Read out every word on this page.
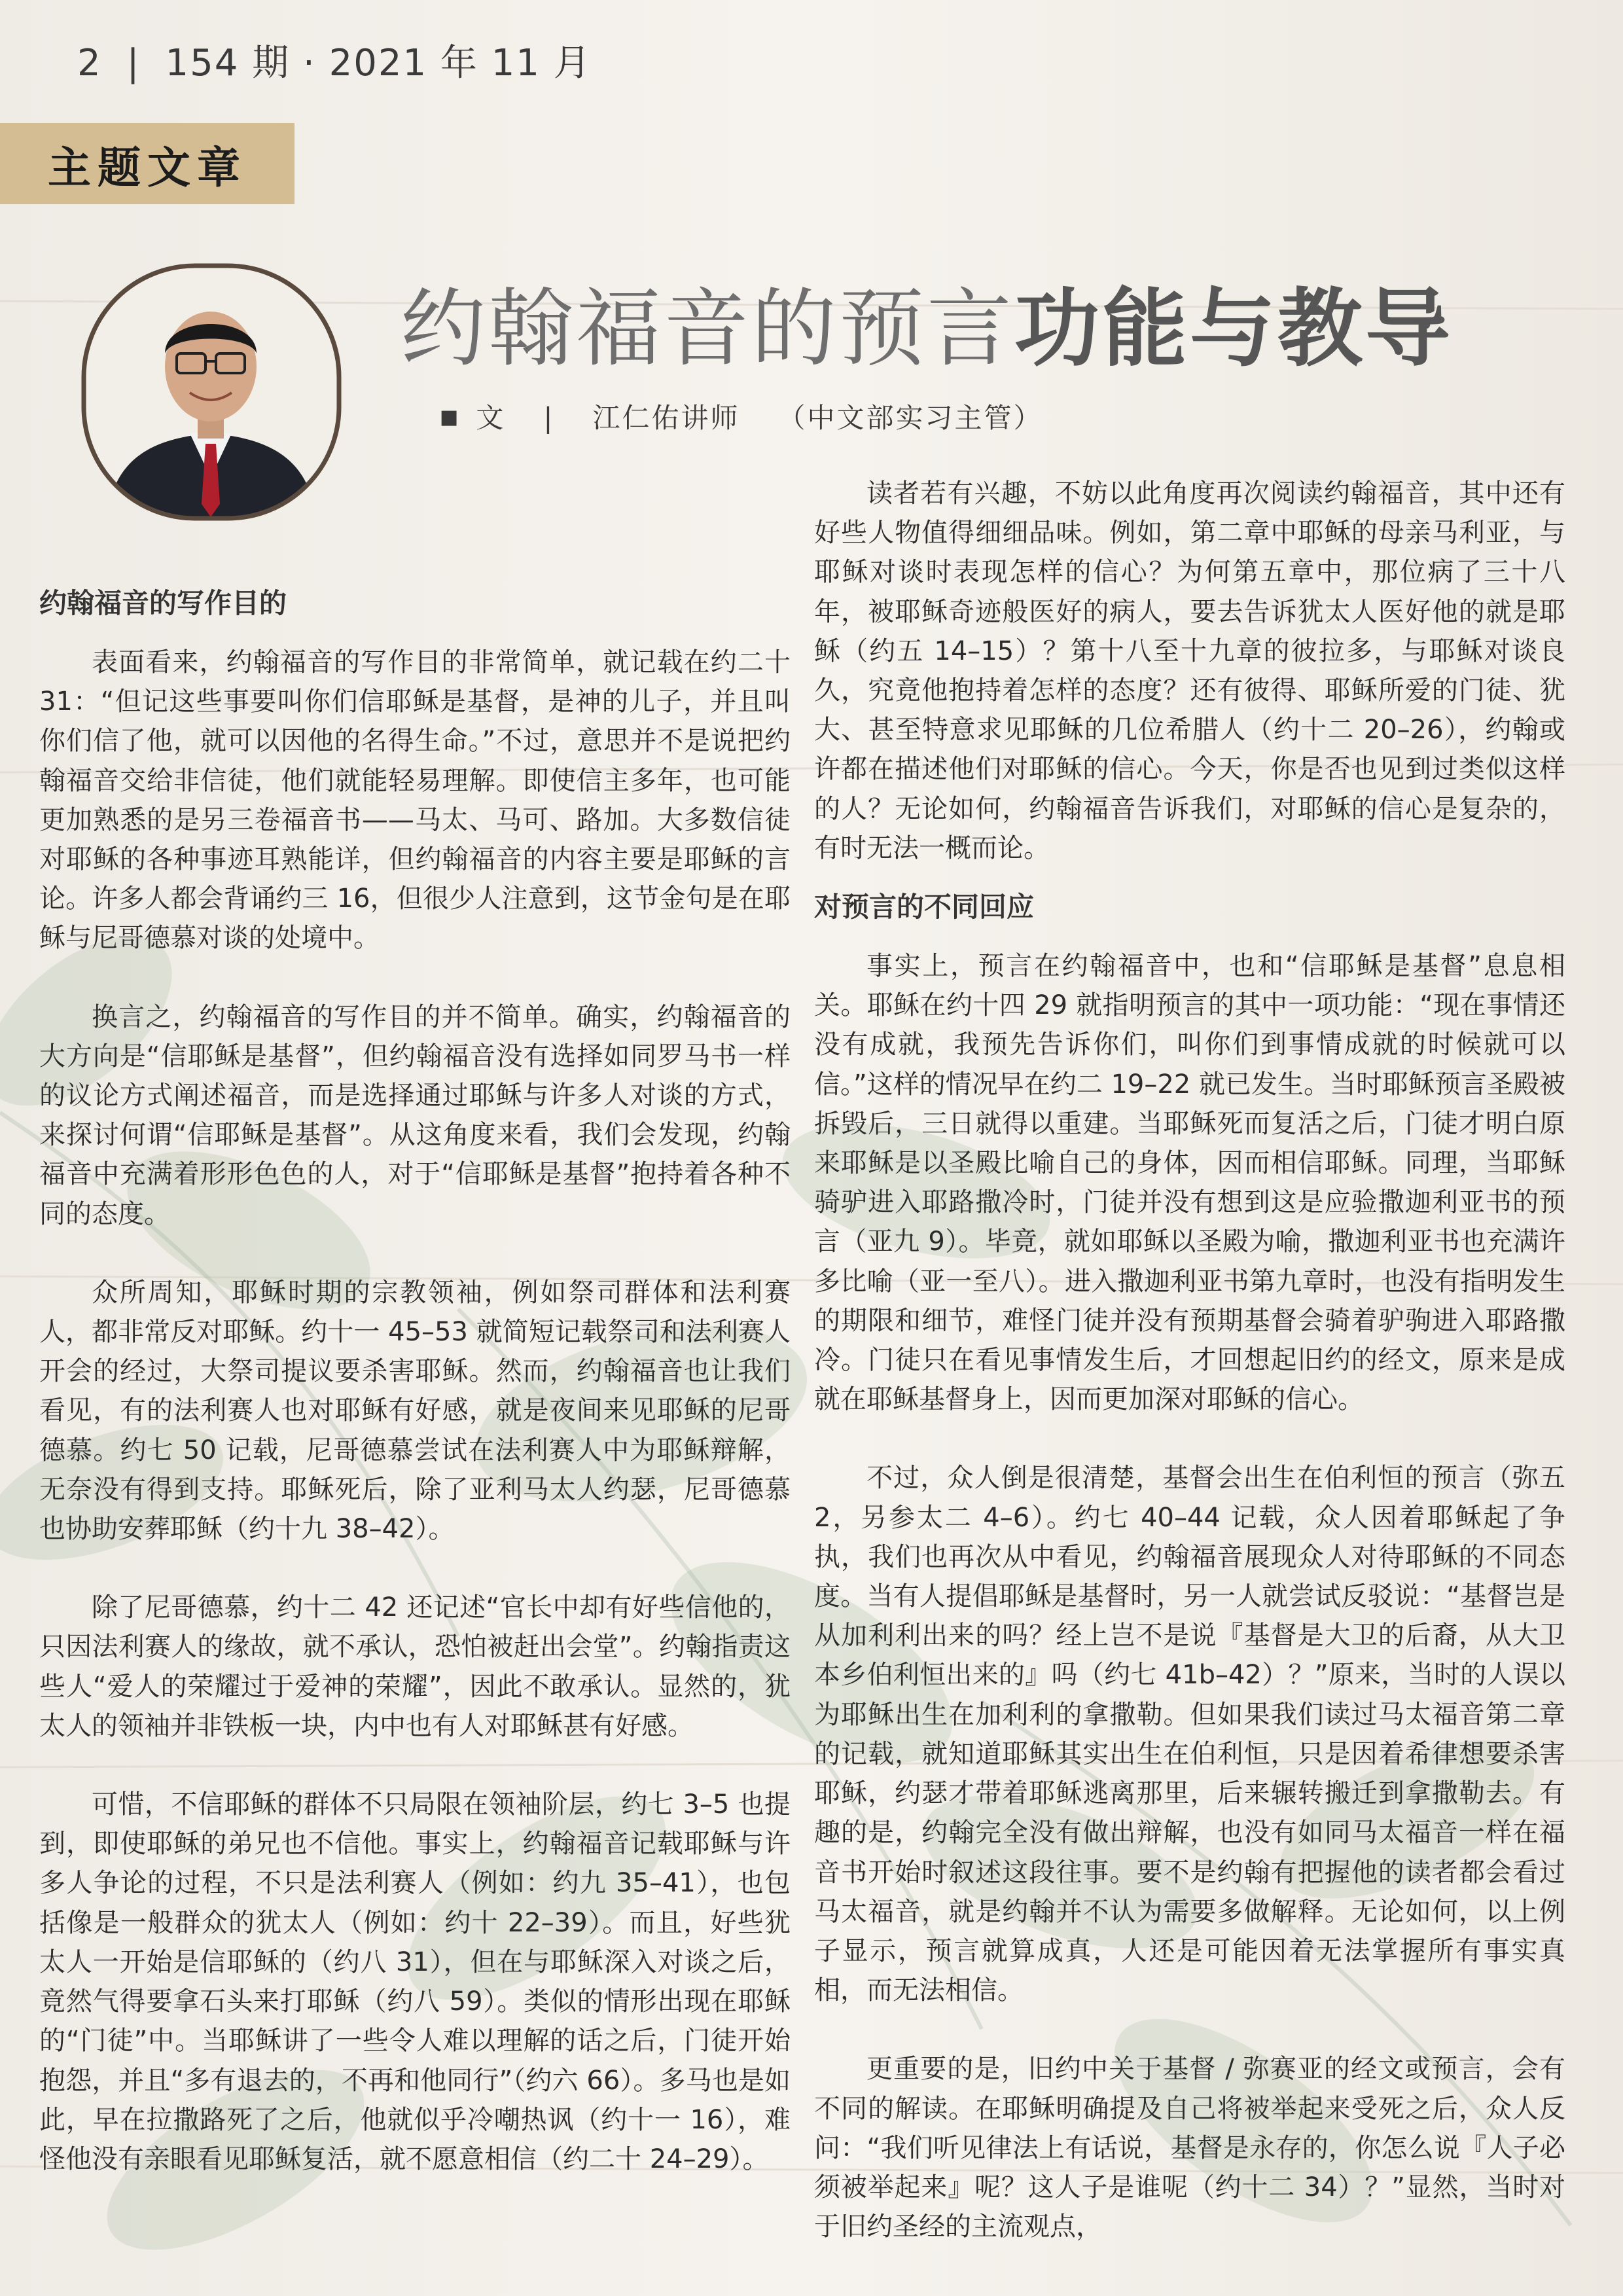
2 | 154 期 · 2021 年 11 月
主题文章
约翰福音的预言功能与教导
■ 文 | 江仁佑讲师 （中文部实习主管）
约翰福音的写作目的

表面看来，约翰福音的写作目的非常简单，就记载在约二十 31：“但记这些事要叫你们信耶稣是基督，是神的儿子，并且叫你们信了他，就可以因他的名得生命。”不过，意思并不是说把约翰福音交给非信徒，他们就能轻易理解。即使信主多年，也可能更加熟悉的是另三卷福音书——马太、马可、路加。大多数信徒对耶稣的各种事迹耳熟能详，但约翰福音的内容主要是耶稣的言论。许多人都会背诵约三 16，但很少人注意到，这节金句是在耶稣与尼哥德慕对谈的处境中。

换言之，约翰福音的写作目的并不简单。确实，约翰福音的大方向是“信耶稣是基督”，但约翰福音没有选择如同罗马书一样的议论方式阐述福音，而是选择通过耶稣与许多人对谈的方式，来探讨何谓“信耶稣是基督”。从这角度来看，我们会发现，约翰福音中充满着形形色色的人，对于“信耶稣是基督”抱持着各种不同的态度。

众所周知，耶稣时期的宗教领袖，例如祭司群体和法利赛人，都非常反对耶稣。约十一 45–53 就简短记载祭司和法利赛人开会的经过，大祭司提议要杀害耶稣。然而，约翰福音也让我们看见，有的法利赛人也对耶稣有好感，就是夜间来见耶稣的尼哥德慕。约七 50 记载，尼哥德慕尝试在法利赛人中为耶稣辩解，无奈没有得到支持。耶稣死后，除了亚利马太人约瑟，尼哥德慕也协助安葬耶稣（约十九 38–42）。

除了尼哥德慕，约十二 42 还记述“官长中却有好些信他的，只因法利赛人的缘故，就不承认，恐怕被赶出会堂”。约翰指责这些人“爱人的荣耀过于爱神的荣耀”，因此不敢承认。显然的，犹太人的领袖并非铁板一块，内中也有人对耶稣甚有好感。

可惜，不信耶稣的群体不只局限在领袖阶层，约七 3–5 也提到，即使耶稣的弟兄也不信他。事实上，约翰福音记载耶稣与许多人争论的过程，不只是法利赛人（例如：约九 35–41），也包括像是一般群众的犹太人（例如：约十 22–39）。而且，好些犹太人一开始是信耶稣的（约八 31），但在与耶稣深入对谈之后，竟然气得要拿石头来打耶稣（约八 59）。类似的情形出现在耶稣的“门徒”中。当耶稣讲了一些令人难以理解的话之后，门徒开始抱怨，并且“多有退去的，不再和他同行”（约六 66）。多马也是如此，早在拉撒路死了之后，他就似乎冷嘲热讽（约十一 16），难怪他没有亲眼看见耶稣复活，就不愿意相信（约二十 24–29）。

读者若有兴趣，不妨以此角度再次阅读约翰福音，其中还有好些人物值得细细品味。例如，第二章中耶稣的母亲马利亚，与耶稣对谈时表现怎样的信心？为何第五章中，那位病了三十八年，被耶稣奇迹般医好的病人，要去告诉犹太人医好他的就是耶稣（约五 14–15）？第十八至十九章的彼拉多，与耶稣对谈良久，究竟他抱持着怎样的态度？还有彼得、耶稣所爱的门徒、犹大、甚至特意求见耶稣的几位希腊人（约十二 20–26），约翰或许都在描述他们对耶稣的信心。今天，你是否也见到过类似这样的人？无论如何，约翰福音告诉我们，对耶稣的信心是复杂的，有时无法一概而论。

对预言的不同回应

事实上，预言在约翰福音中，也和“信耶稣是基督”息息相关。耶稣在约十四 29 就指明预言的其中一项功能：“现在事情还没有成就，我预先告诉你们，叫你们到事情成就的时候就可以信。”这样的情况早在约二 19–22 就已发生。当时耶稣预言圣殿被拆毁后，三日就得以重建。当耶稣死而复活之后，门徒才明白原来耶稣是以圣殿比喻自己的身体，因而相信耶稣。同理，当耶稣骑驴进入耶路撒冷时，门徒并没有想到这是应验撒迦利亚书的预言（亚九 9）。毕竟，就如耶稣以圣殿为喻，撒迦利亚书也充满许多比喻（亚一至八）。进入撒迦利亚书第九章时，也没有指明发生的期限和细节，难怪门徒并没有预期基督会骑着驴驹进入耶路撒冷。门徒只在看见事情发生后，才回想起旧约的经文，原来是成就在耶稣基督身上，因而更加深对耶稣的信心。

不过，众人倒是很清楚，基督会出生在伯利恒的预言（弥五 2，另参太二 4–6）。约七 40–44 记载，众人因着耶稣起了争执，我们也再次从中看见，约翰福音展现众人对待耶稣的不同态度。当有人提倡耶稣是基督时，另一人就尝试反驳说：“基督岂是从加利利出来的吗？经上岂不是说『基督是大卫的后裔，从大卫本乡伯利恒出来的』吗（约七 41b–42）？”原来，当时的人误以为耶稣出生在加利利的拿撒勒。但如果我们读过马太福音第二章的记载，就知道耶稣其实出生在伯利恒，只是因着希律想要杀害耶稣，约瑟才带着耶稣逃离那里，后来辗转搬迁到拿撒勒去。有趣的是，约翰完全没有做出辩解，也没有如同马太福音一样在福音书开始时叙述这段往事。要不是约翰有把握他的读者都会看过马太福音，就是约翰并不认为需要多做解释。无论如何，以上例子显示，预言就算成真，人还是可能因着无法掌握所有事实真相，而无法相信。

更重要的是，旧约中关于基督 / 弥赛亚的经文或预言，会有不同的解读。在耶稣明确提及自己将被举起来受死之后，众人反问：“我们听见律法上有话说，基督是永存的，你怎么说『人子必须被举起来』呢？这人子是谁呢（约十二 34）？”显然，当时对于旧约圣经的主流观点，
